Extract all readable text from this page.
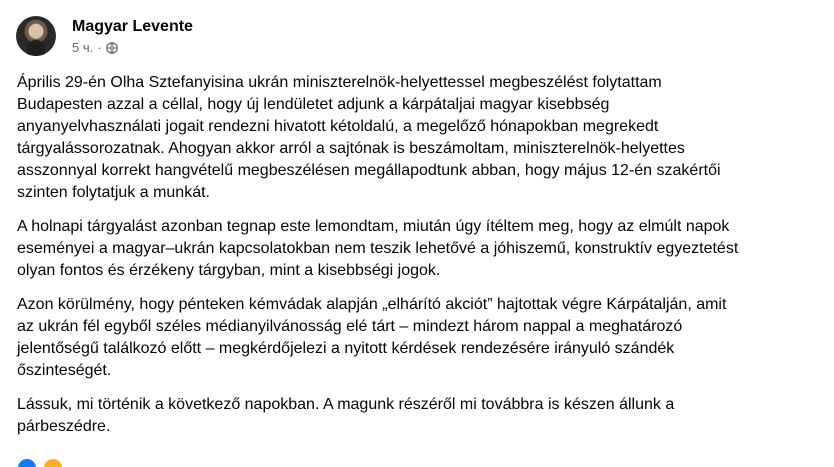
Magyar Levente
5 ч. ·

Április 29-én Olha Sztefanyisina ukrán miniszterelnök-helyettessel megbeszélést folytattam
Budapesten azzal a céllal, hogy új lendületet adjunk a kárpátaljai magyar kisebbség
anyanyelvhasználati jogait rendezni hivatott kétoldalú, a megelőző hónapokban megrekedt
tárgyalássorozatnak. Ahogyan akkor arról a sajtónak is beszámoltam, miniszterelnök-helyettes
asszonnyal korrekt hangvételű megbeszélésen megállapodtunk abban, hogy május 12-én szakértői
szinten folytatjuk a munkát.

A holnapi tárgyalást azonban tegnap este lemondtam, miután úgy ítéltem meg, hogy az elmúlt napok
eseményei a magyar–ukrán kapcsolatokban nem teszik lehetővé a jóhiszemű, konstruktív egyeztetést
olyan fontos és érzékeny tárgyban, mint a kisebbségi jogok.

Azon körülmény, hogy pénteken kémvádak alapján „elhárító akciót” hajtottak végre Kárpátalján, amit
az ukrán fél egyből széles médianyilvánosság elé tárt – mindezt három nappal a meghatározó
jelentőségű találkozó előtt – megkérdőjelezi a nyitott kérdések rendezésére irányuló szándék
őszinteségét.

Lássuk, mi történik a következő napokban. A magunk részéről mi továbbra is készen állunk a
párbeszédre.
